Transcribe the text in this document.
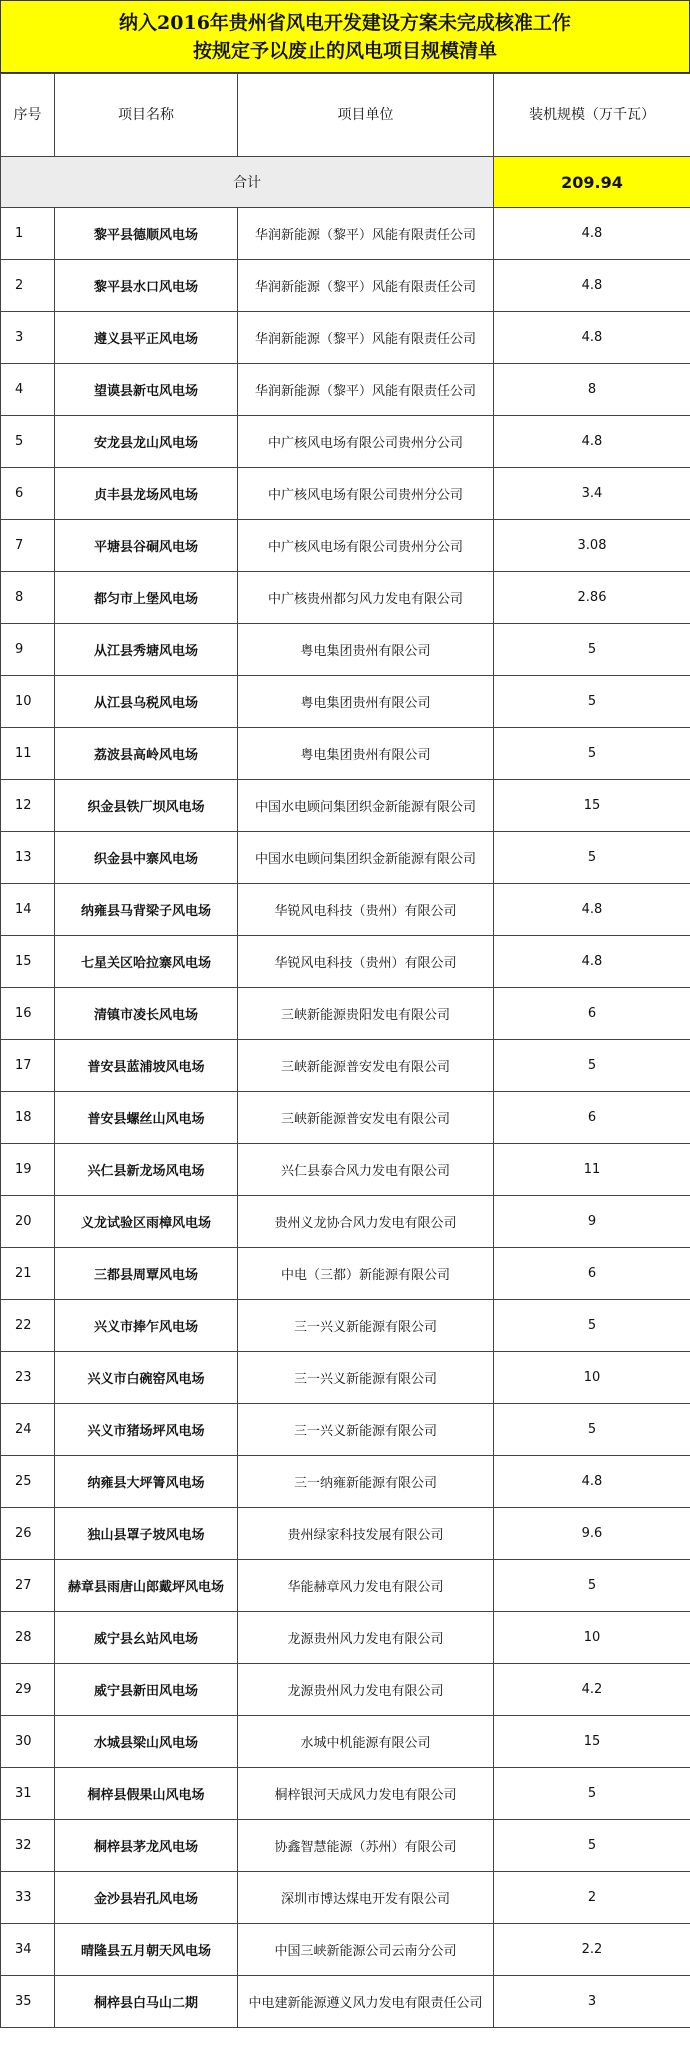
纳入2016年贵州省风电开发建设方案未完成核准工作
按规定予以废止的风电项目规模清单
序号	项目名称	项目单位	装机规模（万千瓦）
合计			209.94
1	黎平县德顺风电场	华润新能源（黎平）风能有限责任公司	4.8
2	黎平县水口风电场	华润新能源（黎平）风能有限责任公司	4.8
3	遵义县平正风电场	华润新能源（黎平）风能有限责任公司	4.8
4	望谟县新屯风电场	华润新能源（黎平）风能有限责任公司	8
5	安龙县龙山风电场	中广核风电场有限公司贵州分公司	4.8
6	贞丰县龙场风电场	中广核风电场有限公司贵州分公司	3.4
7	平塘县谷硐风电场	中广核风电场有限公司贵州分公司	3.08
8	都匀市上堡风电场	中广核贵州都匀风力发电有限公司	2.86
9	从江县秀塘风电场	粤电集团贵州有限公司	5
10	从江县乌税风电场	粤电集团贵州有限公司	5
11	荔波县高岭风电场	粤电集团贵州有限公司	5
12	织金县铁厂坝风电场	中国水电顾问集团织金新能源有限公司	15
13	织金县中寨风电场	中国水电顾问集团织金新能源有限公司	5
14	纳雍县马背梁子风电场	华锐风电科技（贵州）有限公司	4.8
15	七星关区哈拉寨风电场	华锐风电科技（贵州）有限公司	4.8
16	清镇市凌长风电场	三峡新能源贵阳发电有限公司	6
17	普安县蓝浦坡风电场	三峡新能源普安发电有限公司	5
18	普安县螺丝山风电场	三峡新能源普安发电有限公司	6
19	兴仁县新龙场风电场	兴仁县泰合风力发电有限公司	11
20	义龙试验区雨樟风电场	贵州义龙协合风力发电有限公司	9
21	三都县周覃风电场	中电（三都）新能源有限公司	6
22	兴义市捧乍风电场	三一兴义新能源有限公司	5
23	兴义市白碗窑风电场	三一兴义新能源有限公司	10
24	兴义市猪场坪风电场	三一兴义新能源有限公司	5
25	纳雍县大坪箐风电场	三一纳雍新能源有限公司	4.8
26	独山县罩子坡风电场	贵州绿家科技发展有限公司	9.6
27	赫章县雨唐山郎戴坪风电场	华能赫章风力发电有限公司	5
28	威宁县幺站风电场	龙源贵州风力发电有限公司	10
29	威宁县新田风电场	龙源贵州风力发电有限公司	4.2
30	水城县梁山风电场	水城中机能源有限公司	15
31	桐梓县假果山风电场	桐梓银河天成风力发电有限公司	5
32	桐梓县茅龙风电场	协鑫智慧能源（苏州）有限公司	5
33	金沙县岩孔风电场	深圳市博达煤电开发有限公司	2
34	晴隆县五月朝天风电场	中国三峡新能源公司云南分公司	2.2
35	桐梓县白马山二期	中电建新能源遵义风力发电有限责任公司	3
